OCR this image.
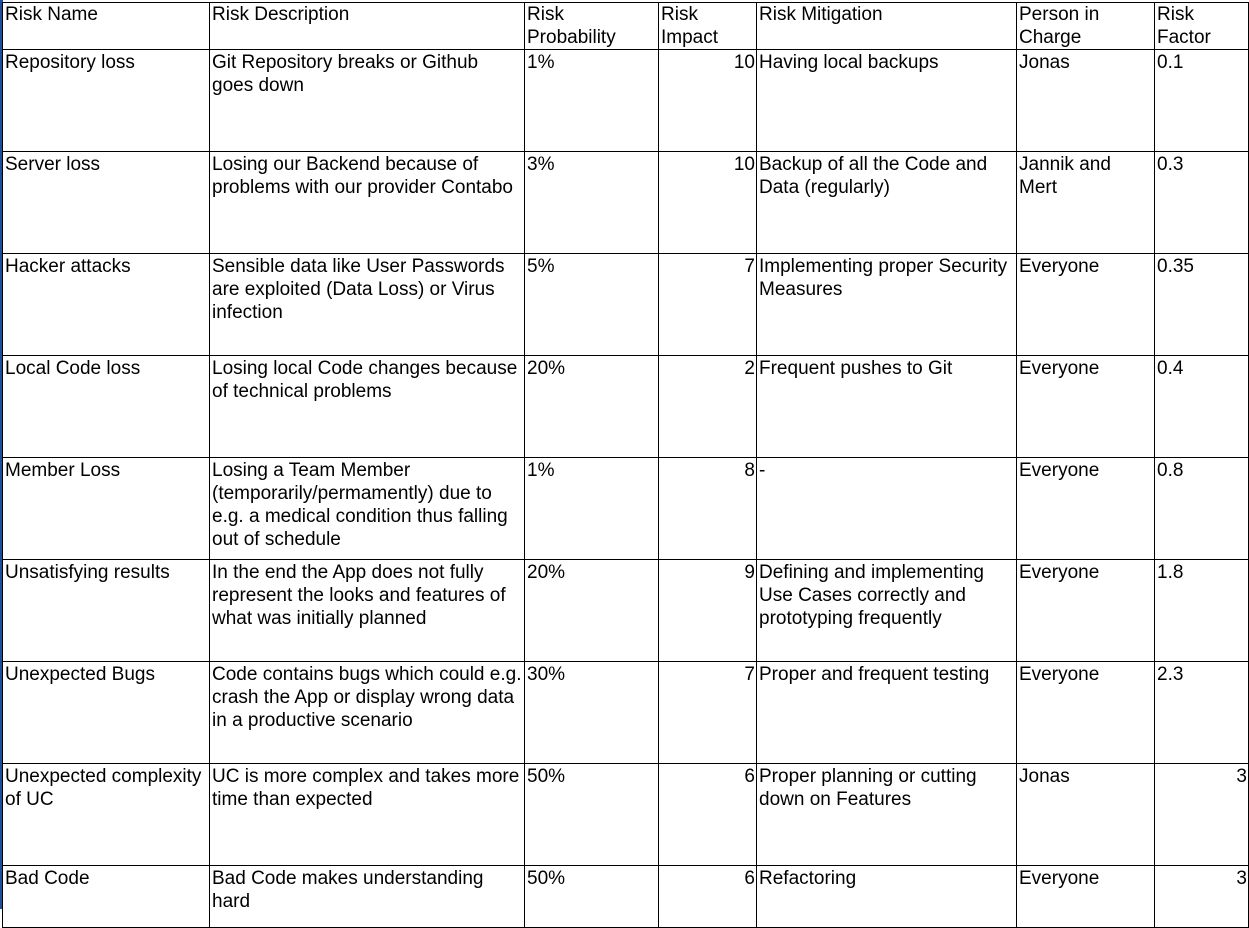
Risk Name	Risk Description	Risk Probability	Risk Impact	Risk Mitigation	Person in Charge	Risk Factor
Repository loss	Git Repository breaks or Github goes down	1%	10	Having local backups	Jonas	0.1
Server loss	Losing our Backend because of problems with our provider Contabo	3%	10	Backup of all the Code and Data (regularly)	Jannik and Mert	0.3
Hacker attacks	Sensible data like User Passwords are exploited (Data Loss) or Virus infection	5%	7	Implementing proper Security Measures	Everyone	0.35
Local Code loss	Losing local Code changes because of technical problems	20%	2	Frequent pushes to Git	Everyone	0.4
Member Loss	Losing a Team Member (temporarily/permamently) due to e.g. a medical condition thus falling out of schedule	1%	8	-	Everyone	0.8
Unsatisfying results	In the end the App does not fully represent the looks and features of what was initially planned	20%	9	Defining and implementing Use Cases correctly and prototyping frequently	Everyone	1.8
Unexpected Bugs	Code contains bugs which could e.g. crash the App or display wrong data in a productive scenario	30%	7	Proper and frequent testing	Everyone	2.3
Unexpected complexity of UC	UC is more complex and takes more time than expected	50%	6	Proper planning or cutting down on Features	Jonas	3
Bad Code	Bad Code makes understanding hard	50%	6	Refactoring	Everyone	3
